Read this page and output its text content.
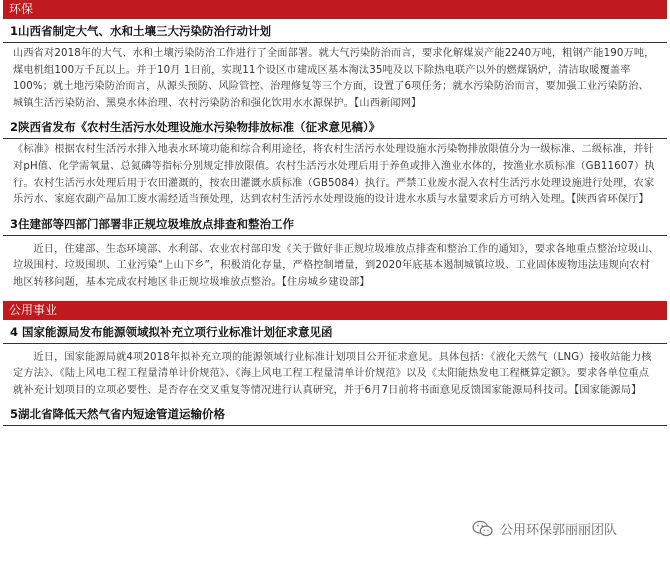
环保
1山西省制定大气、水和土壤三大污染防治行动计划
山西省对2018年的大气、水和土壤污染防治工作进行了全面部署。就大气污染防治而言，要求化解煤炭产能2240万吨，粗钢产能190万吨，煤电机组100万千瓦以上。并于10月 1日前，实现11个设区市建成区基本淘汰35吨及以下除热电联产以外的燃煤锅炉，清洁取暖覆盖率100%；就土地污染防治而言，从源头预防、风险管控、治理修复等三个方面，设置了6项任务；就水污染防治而言，要加强工业污染防治、城镇生活污染防治、黑臭水体治理、农村污染防治和强化饮用水水源保护。【山西新闻网】
2陕西省发布《农村生活污水处理设施水污染物排放标准（征求意见稿）》
《标准》根据农村生活污水排入地表水环境功能和综合利用途径，将农村生活污水处理设施水污染物排放限值分为一级标准、二级标准，并针对pH值、化学需氧量、总氮磷等指标分别规定排放限值。农村生活污水处理后用于养鱼或排入渔业水体的，按渔业水质标准（GB11607）执行。农村生活污水处理后用于农田灌溉的，按农田灌溉水质标准（GB5084）执行。严禁工业废水混入农村生活污水处理设施进行处理，农家乐污水、家庭农副产品加工废水需经适当预处理，达到农村生活污水处理设施的设计进水水质与水量要求后方可纳入处理。【陕西省环保厅】
3住建部等四部门部署非正规垃圾堆放点排查和整治工作
近日，住建部、生态环境部、水利部、农业农村部印发《关于做好非正规垃圾堆放点排查和整治工作的通知》，要求各地重点整治垃圾山、垃圾围村、垃圾围坝、工业污染“上山下乡”，积极消化存量，严格控制增量，到2020年底基本遏制城镇垃圾、工业固体废物违法违规向农村地区转移问题，基本完成农村地区非正规垃圾堆放点整治。【住房城乡建设部】
公用事业
4 国家能源局发布能源领域拟补充立项行业标准计划征求意见函
近日，国家能源局就4项2018年拟补充立项的能源领域行业标准计划项目公开征求意见。具体包括：《液化天然气（LNG）接收站能力核定方法》、《陆上风电工程工程量清单计价规范》、《海上风电工程工程量清单计价规范》以及《太阳能热发电工程概算定额》。要求各单位重点就补充计划项目的立项必要性、是否存在交叉重复等情况进行认真研究，并于6月7日前将书面意见反馈国家能源局科技司。【国家能源局】
5湖北省降低天然气省内短途管道运输价格
公用环保郭丽丽团队
